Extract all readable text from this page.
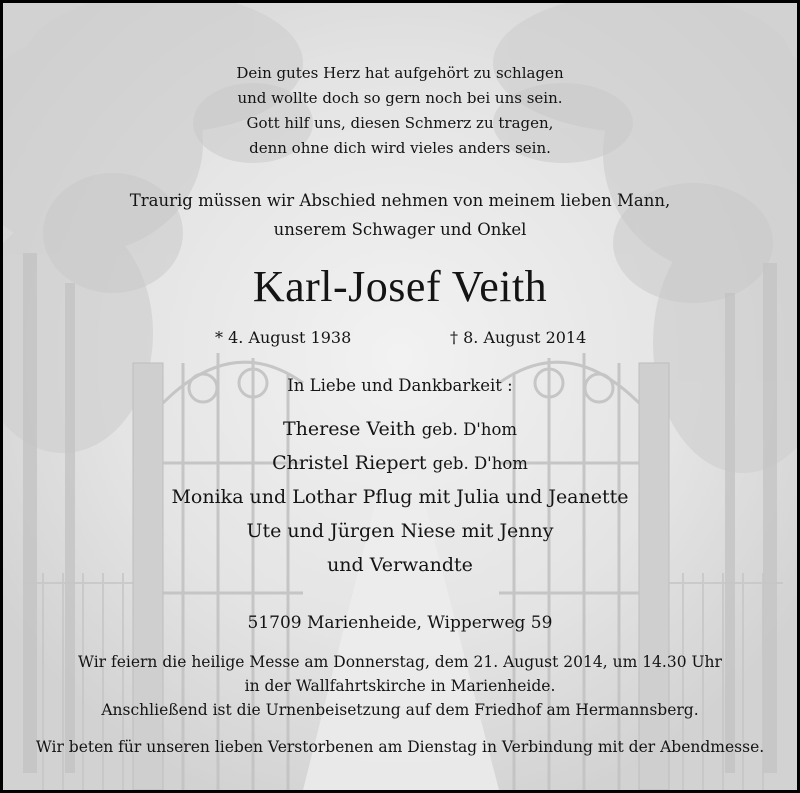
Dein gutes Herz hat aufgehört zu schlagen
und wollte doch so gern noch bei uns sein.
Gott hilf uns, diesen Schmerz zu tragen,
denn ohne dich wird vieles anders sein.
Traurig müssen wir Abschied nehmen von meinem lieben Mann,
unserem Schwager und Onkel
Karl-Josef Veith
* 4. August 1938	† 8. August 2014
In Liebe und Dankbarkeit :
Therese Veith geb. D'hom
Christel Riepert geb. D'hom
Monika und Lothar Pflug mit Julia und Jeanette
Ute und Jürgen Niese mit Jenny
und Verwandte
51709 Marienheide, Wipperweg 59
Wir feiern die heilige Messe am Donnerstag, dem 21. August 2014, um 14.30 Uhr
in der Wallfahrtskirche in Marienheide.
Anschließend ist die Urnenbeisetzung auf dem Friedhof am Hermannsberg.
Wir beten für unseren lieben Verstorbenen am Dienstag in Verbindung mit der Abendmesse.
